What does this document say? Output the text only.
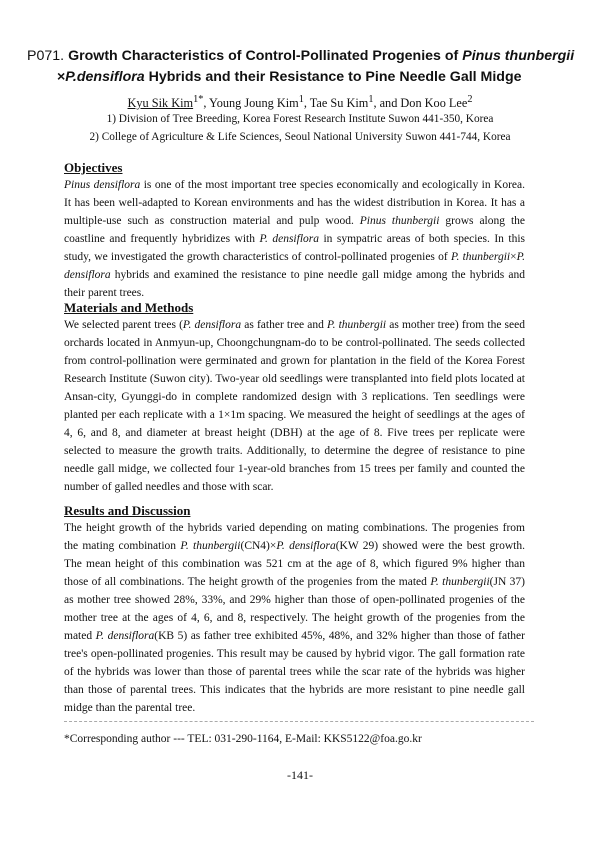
P071. Growth Characteristics of Control-Pollinated Progenies of Pinus thunbergii
×P.densiflora Hybrids and their Resistance to Pine Needle Gall Midge
Kyu Sik Kim$^{1*}$, Young Joung Kim$^1$, Tae Su Kim$^1$, and Don Koo Lee$^2$
1) Division of Tree Breeding, Korea Forest Research Institute Suwon 441-350, Korea
2) College of Agriculture & Life Sciences, Seoul National University Suwon 441-744, Korea
Objectives

Pinus densiflora is one of the most important tree species economically and ecologically in Korea. It has been well-adapted to Korean environments and has the widest distribution in Korea. It has a multiple-use such as construction material and pulp wood. Pinus thunbergii grows along the coastline and frequently hybridizes with P. densiflora in sympatric areas of both species. In this study, we investigated the growth characteristics of control-pollinated progenies of P. thunbergii×P. densiflora hybrids and examined the resistance to pine needle gall midge among the hybrids and their parent trees.

Materials and Methods

We selected parent trees (P. densiflora as father tree and P. thunbergii as mother tree) from the seed orchards located in Anmyun-up, Choongchungnam-do to be control-pollinated. The seeds collected from control-pollination were germinated and grown for plantation in the field of the Korea Forest Research Institute (Suwon city). Two-year old seedlings were transplanted into field plots located at Ansan-city, Gyunggi-do in complete randomized design with 3 replications. Ten seedlings were planted per each replicate with a 1×1m spacing. We measured the height of seedlings at the ages of 4, 6, and 8, and diameter at breast height (DBH) at the age of 8. Five trees per replicate were selected to measure the growth traits. Additionally, to determine the degree of resistance to pine needle gall midge, we collected four 1-year-old branches from 15 trees per family and counted the number of galled needles and those with scar.

Results and Discussion

The height growth of the hybrids varied depending on mating combinations. The progenies from the mating combination P. thunbergii(CN4)×P. densiflora(KW 29) showed were the best growth. The mean height of this combination was 521 cm at the age of 8, which figured 9% higher than those of all combinations. The height growth of the progenies from the mated P. thunbergii(JN 37) as mother tree showed 28%, 33%, and 29% higher than those of open-pollinated progenies of the mother tree at the ages of 4, 6, and 8, respectively. The height growth of the progenies from the mated P. densiflora(KB 5) as father tree exhibited 45%, 48%, and 32% higher than those of father tree's open-pollinated progenies. This result may be caused by hybrid vigor. The gall formation rate of the hybrids was lower than those of parental trees while the scar rate of the hybrids was higher than those of parental trees. This indicates that the hybrids are more resistant to pine needle gall midge than the parental tree.

*Corresponding author --- TEL: 031-290-1164, E-Mail: KKS5122@foa.go.kr
-141-
